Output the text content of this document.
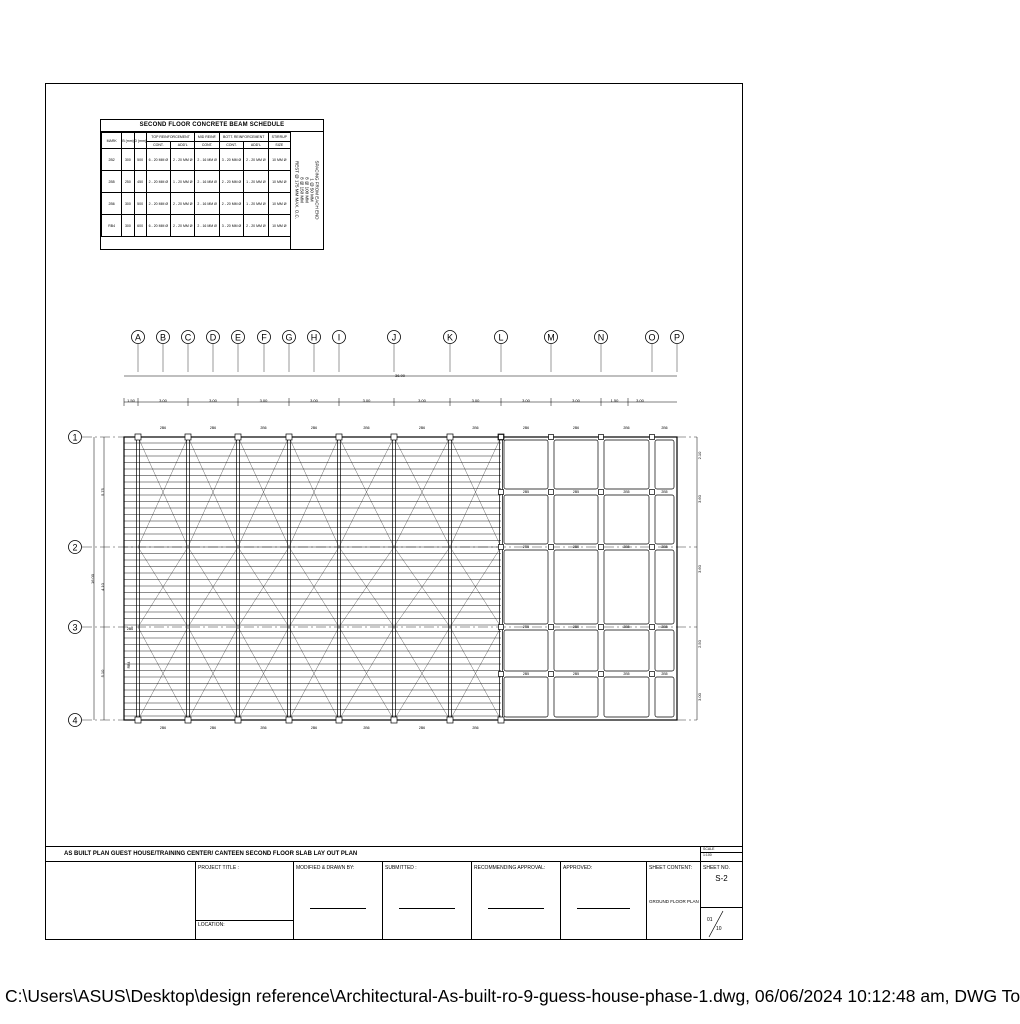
SECOND FLOOR CONCRETE BEAM SCHEDULE
MARK	B (mm)	D (mm)	TOP REINFORCEMENT		MID REINF.	BOTT. REINFORCEMENT		STIRRUP
			CONT.	ADD'L	CONT.	CONT.	ADD'L	SIZE
2B2	300	500	6 - 20 MM Ø	2 - 20 MM Ø	2 - 16 MM Ø	3 - 20 MM Ø	2 - 20 MM Ø	10 MM Ø
2B5	250	450	2 - 20 MM Ø	1 - 20 MM Ø	2 - 16 MM Ø	2 - 20 MM Ø	1 - 20 MM Ø	10 MM Ø
2B6	300	500	2 - 20 MM Ø	2 - 20 MM Ø	2 - 16 MM Ø	2 - 20 MM Ø	1 - 20 MM Ø	10 MM Ø
RB4	300	600	6 - 20 MM Ø	2 - 20 MM Ø	2 - 16 MM Ø	3 - 20 MM Ø	2 - 20 MM Ø	10 MM Ø
SPACING FROM EACH END
1 @ 50 MM
8 @ 100 MM
8 @ 150 MM
REST @ 175 MM MAX. O.C.
A B C D E F G H I	J	K	L	M	N	O P
1
2
3
4
36.90
1.50	3.00	3.00	3.00	3.00	3.00	3.00	3.00	3.00	3.00	1.50	3.00
16.00
5.75
4.10
5.10
2.10
3.60
3.60
2.50
3.00
2B6
2B6
2B6
2B6
2B6
2B6
2B6
2B6
2B6
2B6
2B6
2B6
2B6
2B6
2B6
2B5
2B5
2B5
2B5
2B6
2B5
2B5
2B5
2B5
2B6
2B5
2B5
2B5
2B5
2B6
2B5
2B5
2B5
2B5
RB4
2B6
AS BUILT PLAN GUEST HOUSE/TRAINING CENTER/ CANTEEN SECOND FLOOR SLAB LAY OUT PLAN
SCALE
1:100
PROJECT TITLE :
LOCATION:
MODIFIED & DRAWN BY:	SUBMITTED :	RECOMMENDING APPROVAL:	APPROVED:	SHEET CONTENT:
GROUND FLOOR PLAN
SHEET NO.
S-2
01
10
C:\Users\ASUS\Desktop\design reference\Architectural-As-built-ro-9-guess-house-phase-1.dwg, 06/06/2024 10:12:48 am, DWG To
